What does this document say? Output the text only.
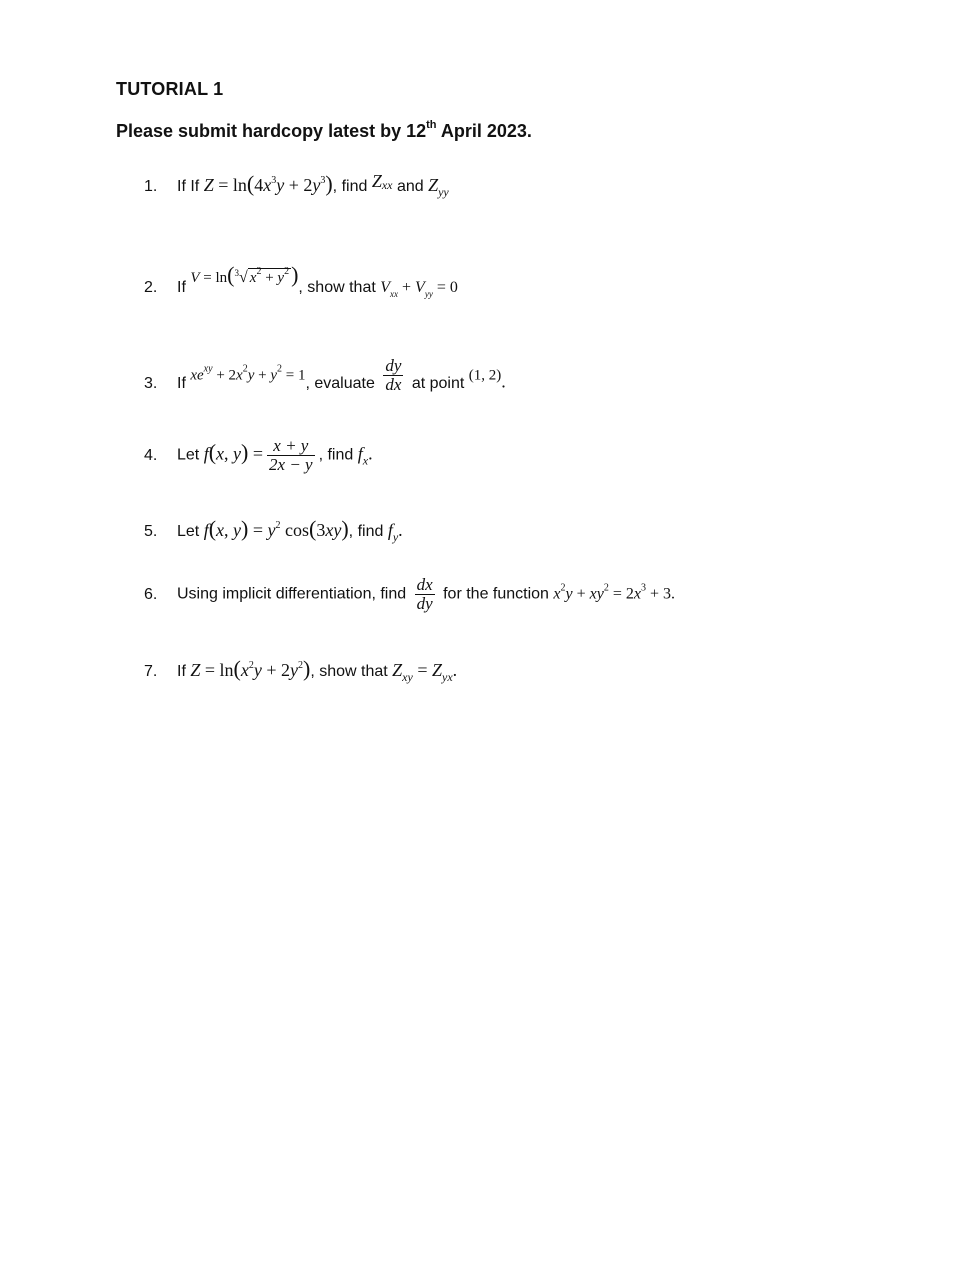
TUTORIAL 1
Please submit hardcopy latest by 12th April 2023.
1. If If $Z = \ln(4x^3y + 2y^3)$, find Zxx and $Z_{yy}$
2. If V = ln($^3$√ $x^2 + y^2$), show that $V_{xx} + V_{yy} = 0$
3. If $xe^{xy} + 2x^2y + y^2 = 1$, evaluate $\frac{dy}{dx}$ at point (1, 2).
4. Let f(x, $y) = \frac{x + y}{2x - y}$ , find $f_x$.
5. Let f(x, $y) = y^2$ cos(3xy), find $f_y$.
6. Using implicit differentiation, find $\frac{dx}{dy}$ for the function $x^2y + xy^2 = 2x^3 + 3$.
7. If $Z = \ln(x^2y + 2y^2)$, show that $Z_{xy} = Z_{yx}$.
